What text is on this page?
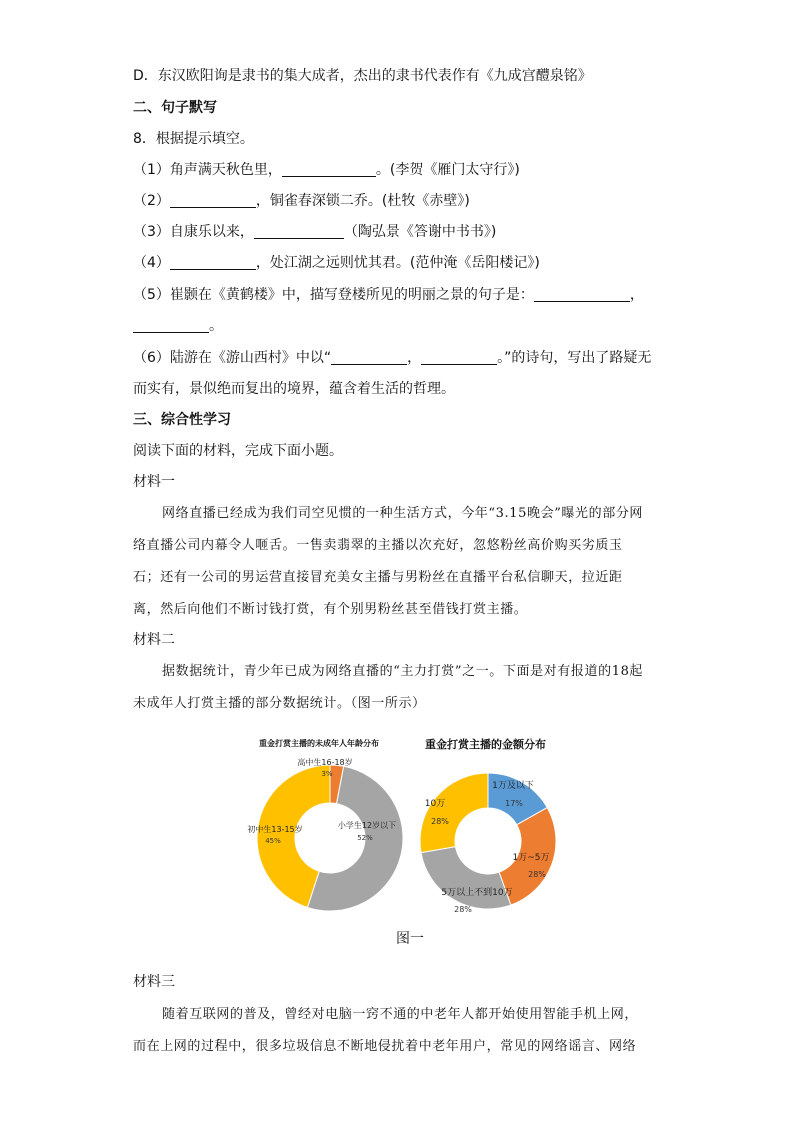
D．东汉欧阳询是隶书的集大成者，杰出的隶书代表作有《九成宫醴泉铭》
二、句子默写
8．根据提示填空。
（1）角声满天秋色里，	。(李贺《雁门太守行》)
（2）	，铜雀春深锁二乔。(杜牧《赤壁》)
（3）自康乐以来，	（陶弘景《答谢中书书》)
（4）	，处江湖之远则忧其君。(范仲淹《岳阳楼记》)
（5）崔颢在《黄鹤楼》中，描写登楼所见的明丽之景的句子是：	，
。
（6）陆游在《游山西村》中以“	，	。”的诗句，写出了路疑无
而实有，景似绝而复出的境界，蕴含着生活的哲理。
三、综合性学习
阅读下面的材料，完成下面小题。
材料一
网络直播已经成为我们司空见惯的一种生活方式，今年“3.15晚会”曝光的部分网
络直播公司内幕令人咂舌。一售卖翡翠的主播以次充好，忽悠粉丝高价购买劣质玉
石；还有一公司的男运营直接冒充美女主播与男粉丝在直播平台私信聊天，拉近距
离，然后向他们不断讨钱打赏，有个别男粉丝甚至借钱打赏主播。
材料二
据数据统计，青少年已成为网络直播的“主力打赏”之一。下面是对有报道的18起
未成年人打赏主播的部分数据统计。（图一所示）
重金打赏主播的未成年人年龄分布	重金打赏主播的金额分布
高中生16-18岁
3%
小学生12岁以下
52%
初中生13-15岁
45%
1万及以下
17%
1万~5万
28%
5万以上不到10万
28%
10万
28%
图一
材料三
随着互联网的普及，曾经对电脑一窍不通的中老年人都开始使用智能手机上网，
而在上网的过程中，很多垃圾信息不断地侵扰着中老年用户，常见的网络谣言、网络
